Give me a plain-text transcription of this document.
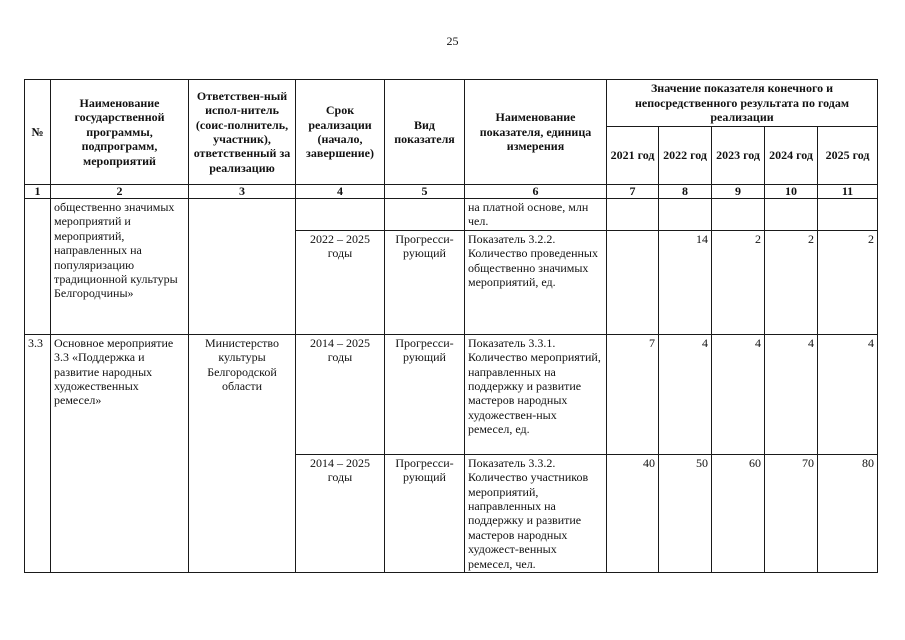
25
№	Наименование государственной программы, подпрограмм, мероприятий	Ответствен-ный испол-нитель (соис-полнитель, участник), ответственный за реализацию	Срок реализации (начало, завершение)	Вид показателя	Наименование показателя, единица измерения	Значение показателя конечного и непосредственного результата по годам реализации				
						2021 год	2022 год	2023 год	2024 год	2025 год
1	2	3	4	5	6	7	8	9	10	11
	общественно значимых мероприятий и мероприятий, направленных на популяризацию традиционной культуры Белгородчины»				на платной основе, млн чел.					
			2022 – 2025 годы	Прогресси-рующий	Показатель 3.2.2. Количество проведенных общественно значимых мероприятий, ед.		14	2	2	2
3.3	Основное мероприятие 3.3 «Поддержка и развитие народных художественных ремесел»	Министерство культуры Белгородской области	2014 – 2025 годы	Прогресси-рующий	Показатель 3.3.1. Количество мероприятий, направленных на поддержку и развитие мастеров народных художествен-ных ремесел, ед.	7	4	4	4	4
			2014 – 2025 годы	Прогресси-рующий	Показатель 3.3.2. Количество участников мероприятий, направленных на поддержку и развитие мастеров народных художест-венных ремесел, чел.	40	50	60	70	80
